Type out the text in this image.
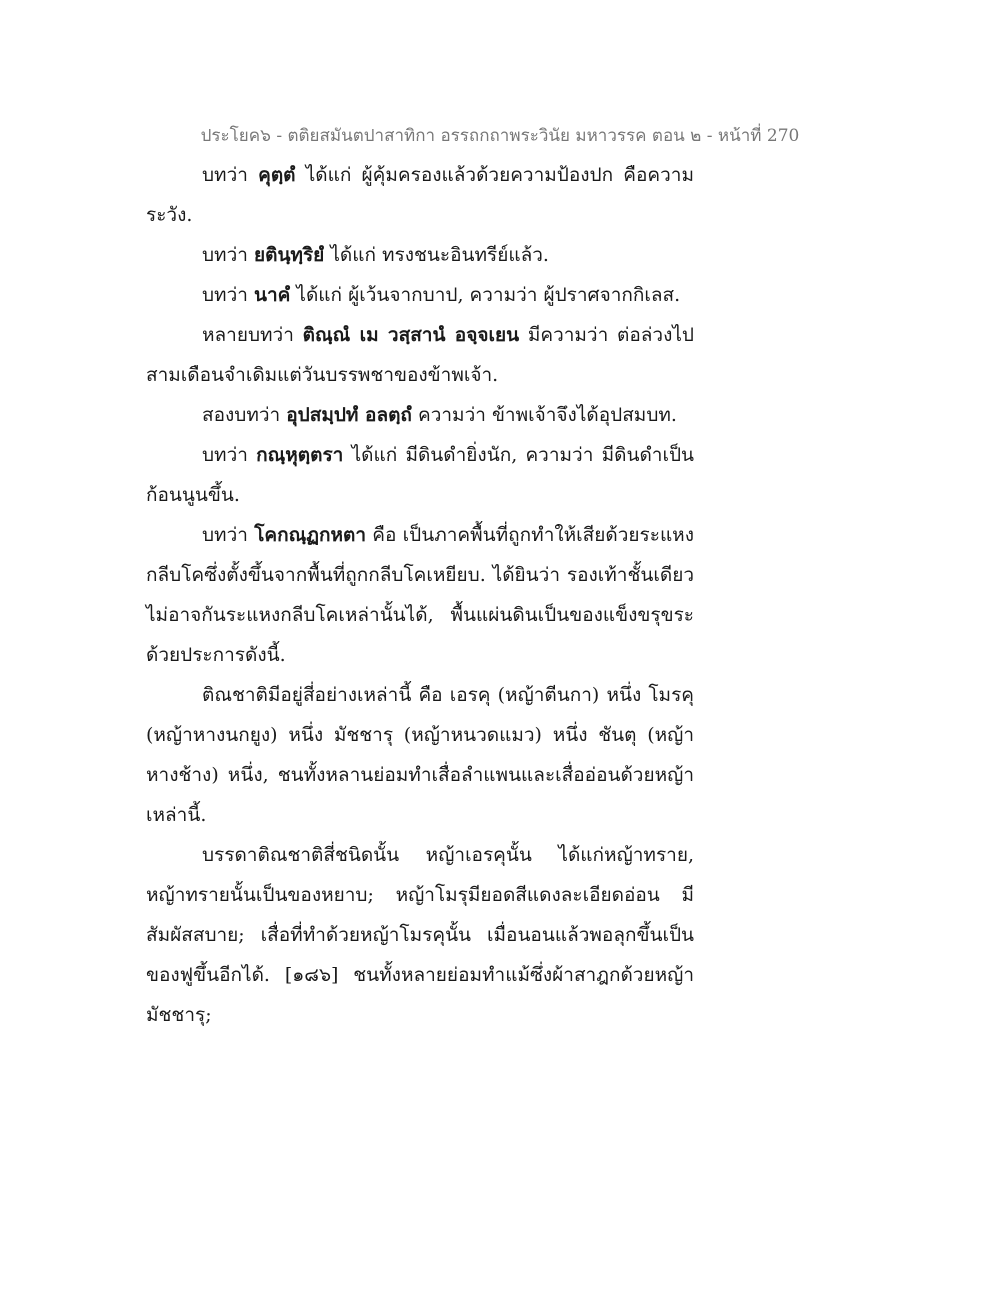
ประโยค๖ - ตติยสมันตปาสาทิกา อรรถกถาพระวินัย มหาวรรค ตอน ๒ - หน้าที่ 270

บทว่า คุตฺตํ ได้แก่ ผู้คุ้มครองแล้วด้วยความป้องปก คือความระวัง.

บทว่า ยตินฺทฺริยํ ได้แก่ ทรงชนะอินทรีย์แล้ว.

บทว่า นาคํ ได้แก่ ผู้เว้นจากบาป, ความว่า ผู้ปราศจากกิเลส.

หลายบทว่า ติณฺณํ เม วสฺสานํ อจฺจเยน มีความว่า ต่อล่วงไปสามเดือนจำเดิมแต่วันบรรพชาของข้าพเจ้า.

สองบทว่า อุปสมฺปทํ อลตฺถํ ความว่า ข้าพเจ้าจึงได้อุปสมบท.

บทว่า กณฺหุตฺตรา ได้แก่ มีดินดำยิ่งนัก, ความว่า มีดินดำเป็นก้อนนูนขึ้น.

บทว่า โคกณฺฏกหตา คือ เป็นภาคพื้นที่ถูกทำให้เสียด้วยระแหงกลีบโคซึ่งตั้งขึ้นจากพื้นที่ถูกกลีบโคเหยียบ. ได้ยินว่า รองเท้าชั้นเดียวไม่อาจกันระแหงกลีบโคเหล่านั้นได้, พื้นแผ่นดินเป็นของแข็งขรุขระด้วยประการดังนี้.

ติณชาติมีอยู่สี่อย่างเหล่านี้ คือ เอรคุ (หญ้าตีนกา) หนึ่ง โมรคุ (หญ้าหางนกยูง) หนึ่ง มัชชารุ (หญ้าหนวดแมว) หนึ่ง ชันตุ (หญ้าหางช้าง) หนึ่ง, ชนทั้งหลานย่อมทำเสื่อลำแพนและเสื่ออ่อนด้วยหญ้าเหล่านี้.

บรรดาติณชาติสี่ชนิดนั้น หญ้าเอรคุนั้น ได้แก่หญ้าทราย, หญ้าทรายนั้นเป็นของหยาบ; หญ้าโมรุมียอดสีแดงละเอียดอ่อน มีสัมผัสสบาย; เสื่อที่ทำด้วยหญ้าโมรคุนั้น เมื่อนอนแล้วพอลุกขึ้นเป็นของฟูขึ้นอีกได้. [๑๘๖] ชนทั้งหลายย่อมทำแม้ซึ่งผ้าสาฎกด้วยหญ้ามัชชารุ;
